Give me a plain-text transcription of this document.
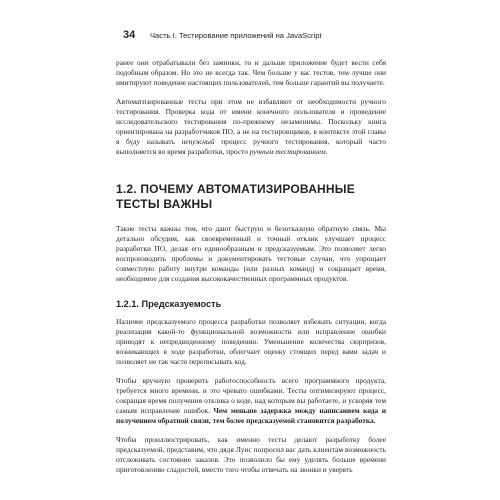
34 Часть I. Тестирование приложений на JavaScript

ранее они отрабатывали без заминки, то и дальше приложение будет вести себя подобным образом. Но это не всегда так. Чем больше у вас тестов, тем лучше они имитируют поведение настоящих пользователей, тем больше гарантий вы получаете.

Автоматизированные тесты при этом не избавляют от необходимости ручного тестирования. Проверка кода от имени конечного пользователя и проведение исследовательского тестирования по-прежнему незаменимы. Поскольку книга ориентирована на разработчиков ПО, а не на тестировщиков, в контексте этой главы я буду называть ненужный процесс ручного тестирования, который часто выполняется во время разработки, просто ручным тестированием.

1.2. ПОЧЕМУ АВТОМАТИЗИРОВАННЫЕ
ТЕСТЫ ВАЖНЫ

Такие тесты важны тем, что дают быструю и безотказную обратную связь. Мы детально обсудим, как своевременный и точный отклик улучшает процесс разработки ПО, делая его единообразным и предсказуемым. Это позволяет легко воспроизводить проблемы и документировать тестовые случаи, что упрощает совместную работу внутри команды (или разных команд) и сокращает время, необходимое для создания высококачественных программных продуктов.

1.2.1. Предсказуемость

Наличие предсказуемого процесса разработки позволяет избежать ситуации, когда реализация какой-то функциональной возможности или исправление ошибки приводят к непредвиденному поведению. Уменьшение количества сюрпризов, возникающих в ходе разработки, облегчает оценку стоящих перед вами задач и позволяет не так часто переписывать код.

Чтобы вручную проверить работоспособность всего программного продукта, требуется много времени, и это чревато ошибками. Тесты оптимизируют процесс, сокращая время получения отклика о коде, над которым вы работаете, и ускоряя тем самым исправление ошибок. Чем меньше задержка между написанием кода и получением обратной связи, тем более предсказуемой становится разработка.

Чтобы проиллюстрировать, как именно тесты делают разработку более предсказуемой, представим, что дядя Луис попросил вас дать клиентам возможность отслеживать состояние заказов. Это позволило бы ему уделять больше времени приготовлению сладостей, вместо того чтобы отвечать на звонки и уверять
